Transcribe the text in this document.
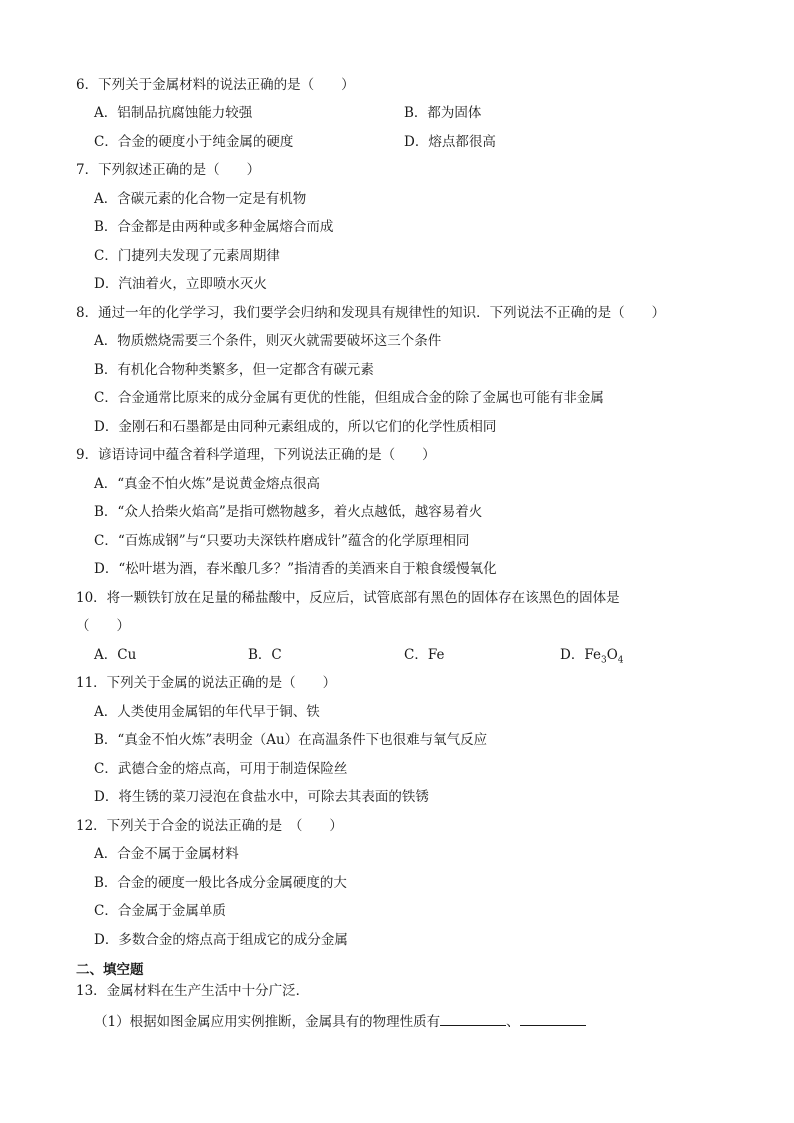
6．下列关于金属材料的说法正确的是（　　）
A．铝制品抗腐蚀能力较强	B．都为固体
C．合金的硬度小于纯金属的硬度	D．熔点都很高
7．下列叙述正确的是（　　）
A．含碳元素的化合物一定是有机物
B．合金都是由两种或多种金属熔合而成
C．门捷列夫发现了元素周期律
D．汽油着火，立即喷水灭火
8．通过一年的化学学习，我们要学会归纳和发现具有规律性的知识．下列说法不正确的是（　　）
A．物质燃烧需要三个条件，则灭火就需要破坏这三个条件
B．有机化合物种类繁多，但一定都含有碳元素
C．合金通常比原来的成分金属有更优的性能，但组成合金的除了金属也可能有非金属
D．金刚石和石墨都是由同种元素组成的，所以它们的化学性质相同
9．谚语诗词中蕴含着科学道理，下列说法正确的是（　　）
A．“真金不怕火炼”是说黄金熔点很高
B．“众人拾柴火焰高”是指可燃物越多，着火点越低，越容易着火
C．“百炼成钢”与“只要功夫深铁杵磨成针”蕴含的化学原理相同
D．“松叶堪为酒，春米酿几多？”指清香的美酒来自于粮食缓慢氧化
10．将一颗铁钉放在足量的稀盐酸中，反应后，试管底部有黑色的固体存在该黑色的固体是
（　　）
A．Cu	B．C	C．Fe	D．$Fe_3O_4$
11．下列关于金属的说法正确的是（　　）
A．人类使用金属铝的年代早于铜、铁
B．“真金不怕火炼”表明金（Au）在高温条件下也很难与氧气反应
C．武德合金的熔点高，可用于制造保险丝
D．将生锈的菜刀浸泡在食盐水中，可除去其表面的铁锈
12．下列关于合金的说法正确的是　（　　）
A．合金不属于金属材料
B．合金的硬度一般比各成分金属硬度的大
C．合金属于金属单质
D．多数合金的熔点高于组成它的成分金属
二、填空题
13．金属材料在生产生活中十分广泛．
（1）根据如图金属应用实例推断，金属具有的物理性质有	、
